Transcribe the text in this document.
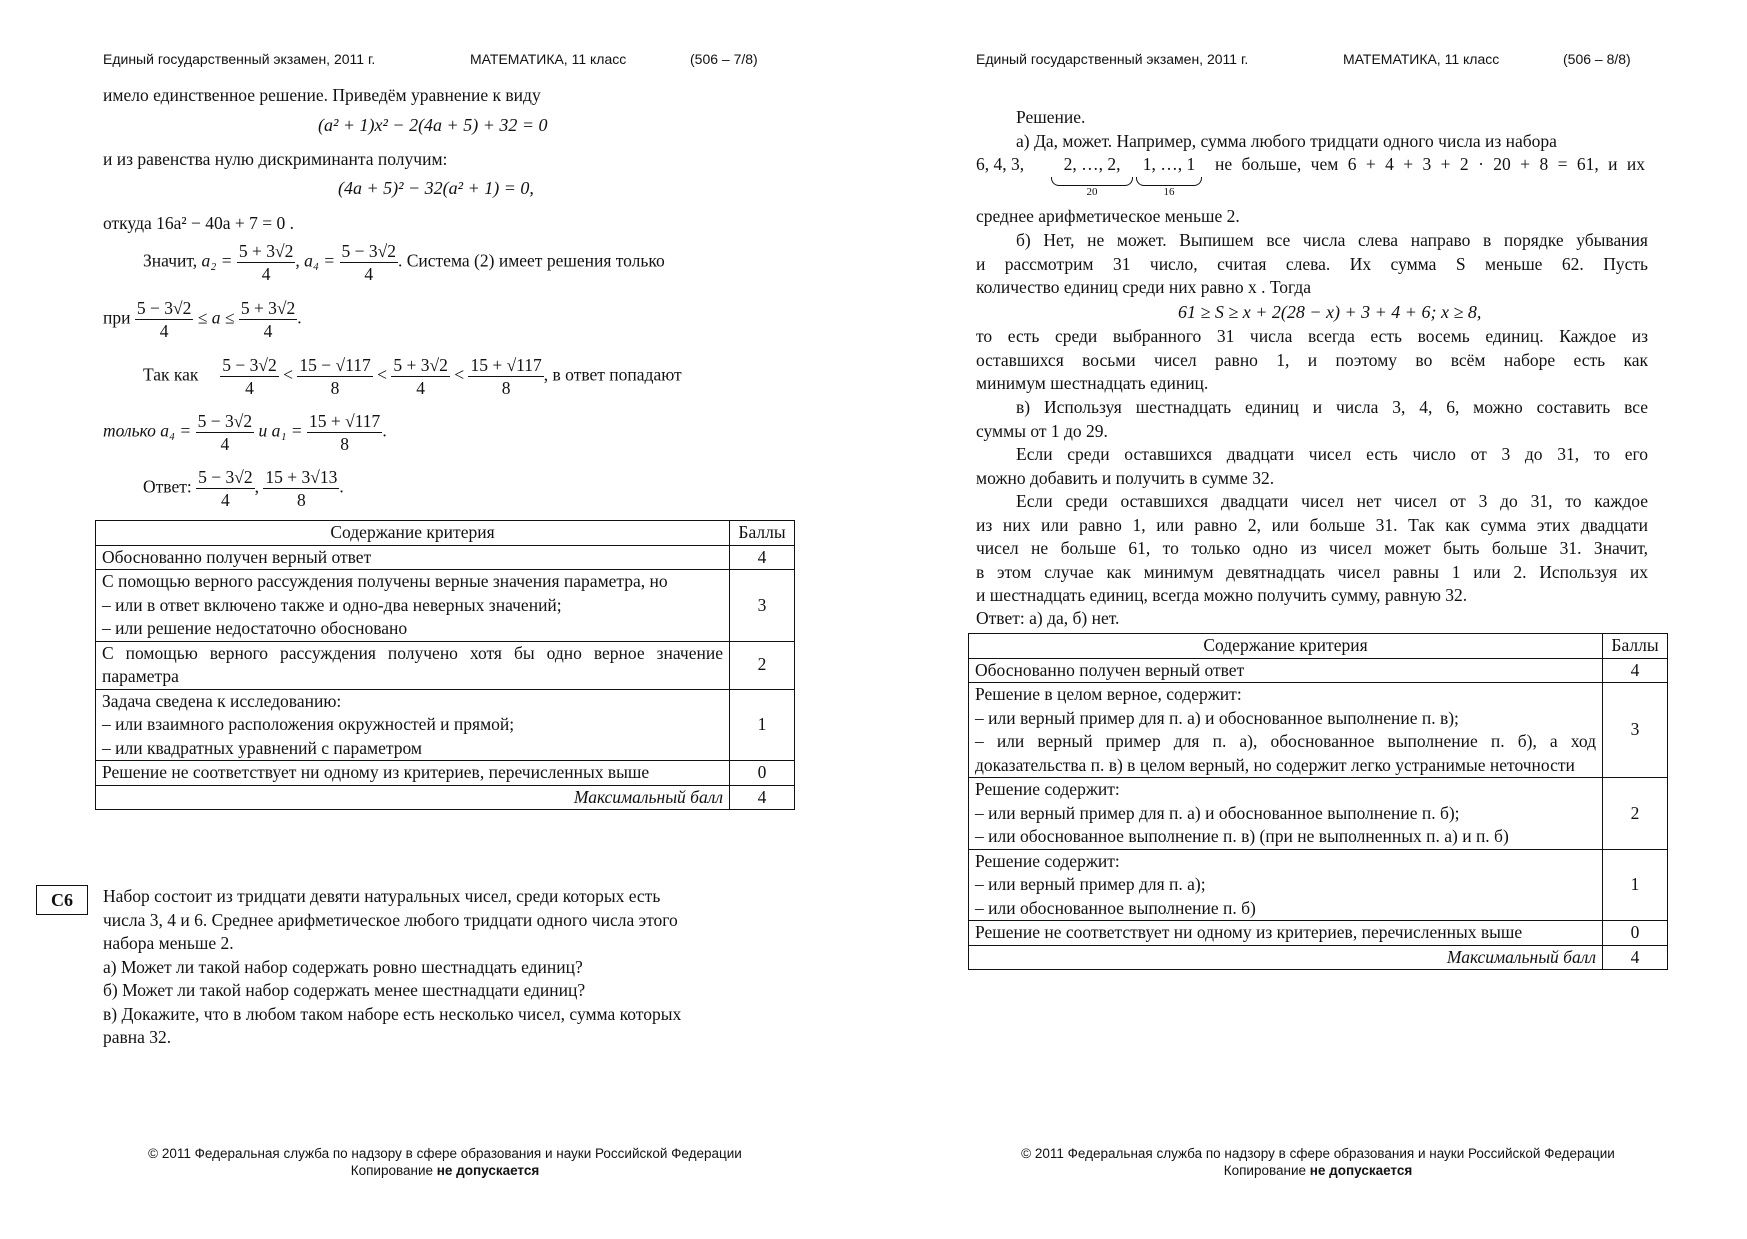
Единый государственный экзамен, 2011 г.	МАТЕМАТИКА, 11 класс	(506 – 7/8)
имело единственное решение. Приведём уравнение к виду
(a² + 1)x² − 2(4a + 5) + 32 = 0
и из равенства нулю дискриминанта получим:
(4a + 5)² − 32(a² + 1) = 0,
откуда 16a² − 40a + 7 = 0 .
Значит, $a_2 = \frac{5 + 3√2}{4}$ , $a_4 = \frac{5 - 3√2}{4}$ . Система (2) имеет решения только
при $\frac{5 - 3√2}{4} \le a \le \frac{5 + 3√2}{4}$ .
Так как $\frac{5 - 3√2}{4} < \frac{15 - √117}{8} < \frac{5 + 3√2}{4} < \frac{15 + √117}{8}$ , в ответ попадают
только $a_4 = \frac{5 - 3√2}{4}$ и $a_1 = \frac{15 + √117}{8}$ .
Ответ: $\frac{5 - 3√2}{4}$ , $\frac{15 + 3√13}{8}$ .
Содержание критерия	Баллы
Обоснованно получен верный ответ	4
С помощью верного рассуждения получены верные значения параметра, но
– или в ответ включено также и одно-два неверных значений;
– или решение недостаточно обосновано	3
С помощью верного рассуждения получено хотя бы одно верное значение параметра	2
Задача сведена к исследованию:
– или взаимного расположения окружностей и прямой;
– или квадратных уравнений с параметром	1
Решение не соответствует ни одному из критериев, перечисленных выше	0
Максимальный балл	4
C6	Набор состоит из тридцати девяти натуральных чисел, среди которых есть
числа 3, 4 и 6. Среднее арифметическое любого тридцати одного числа этого
набора меньше 2.
а) Может ли такой набор содержать ровно шестнадцать единиц?
б) Может ли такой набор содержать менее шестнадцати единиц?
в) Докажите, что в любом таком наборе есть несколько чисел, сумма которых
равна 32.
© 2011 Федеральная служба по надзору в сфере образования и науки Российской Федерации
Копирование не допускается
Единый государственный экзамен, 2011 г.	МАТЕМАТИКА, 11 класс	(506 – 8/8)
Решение.
а) Да, может. Например, сумма любого тридцати одного числа из набора
6, 4, 3,	2, …, 2,
20
1, …, 1
16
не больше, чем 6 + 4 + 3 + 2 · 20 + 8 = 61, и их
среднее арифметическое меньше 2.
б) Нет, не может. Выпишем все числа слева направо в порядке убывания
и рассмотрим 31 число, считая слева. Их сумма S меньше 62. Пусть
количество единиц среди них равно x . Тогда
61 ≥ S ≥ x + 2(28 − x) + 3 + 4 + 6; x ≥ 8,
то есть среди выбранного 31 числа всегда есть восемь единиц. Каждое из
оставшихся восьми чисел равно 1, и поэтому во всём наборе есть как
минимум шестнадцать единиц.
в) Используя шестнадцать единиц и числа 3, 4, 6, можно составить все
суммы от 1 до 29.
Если среди оставшихся двадцати чисел есть число от 3 до 31, то его
можно добавить и получить в сумме 32.
Если среди оставшихся двадцати чисел нет чисел от 3 до 31, то каждое
из них или равно 1, или равно 2, или больше 31. Так как сумма этих двадцати
чисел не больше 61, то только одно из чисел может быть больше 31. Значит,
в этом случае как минимум девятнадцать чисел равны 1 или 2. Используя их
и шестнадцать единиц, всегда можно получить сумму, равную 32.
Ответ: а) да, б) нет.
Содержание критерия	Баллы
Обоснованно получен верный ответ	4
Решение в целом верное, содержит:
– или верный пример для п. а) и обоснованное выполнение п. в);
– или верный пример для п. а), обоснованное выполнение п. б), а ход доказательства п. в) в целом верный, но содержит легко устранимые неточности	3
Решение содержит:
– или верный пример для п. а) и обоснованное выполнение п. б);
– или обоснованное выполнение п. в) (при не выполненных п. а) и п. б)	2
Решение содержит:
– или верный пример для п. а);
– или обоснованное выполнение п. б)	1
Решение не соответствует ни одному из критериев, перечисленных выше	0
Максимальный балл	4
© 2011 Федеральная служба по надзору в сфере образования и науки Российской Федерации
Копирование не допускается
